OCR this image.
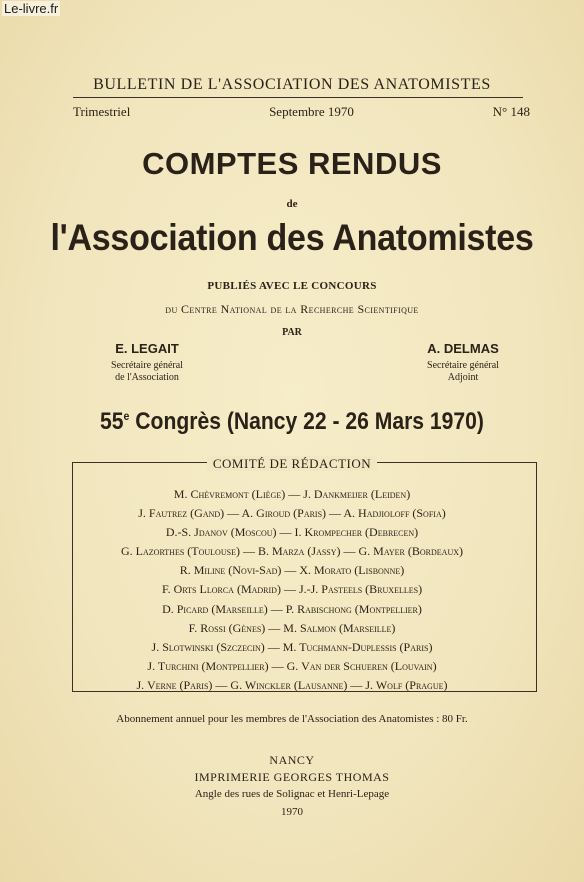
Le-livre.fr
BULLETIN DE L'ASSOCIATION DES ANATOMISTES
Trimestriel	Septembre 1970	N° 148
COMPTES RENDUS
de
l'Association des Anatomistes
PUBLIÉS AVEC LE CONCOURS
du Centre National de la Recherche Scientifique
PAR
E. LEGAIT
Secrétaire général
de l'Association
A. DELMAS
Secrétaire général
Adjoint
55e Congrès (Nancy 22 - 26 Mars 1970)
COMITÉ DE RÉDACTION
M. Chèvremont (Liège) — J. Dankmeijer (Leiden)
J. Fautrez (Gand) — A. Giroud (Paris) — A. Hadjioloff (Sofia)
D.-S. Jdanov (Moscou) — I. Krompecher (Debrecen)
G. Lazorthes (Toulouse) — B. Marza (Jassy) — G. Mayer (Bordeaux)
R. Miline (Novi-Sad) — X. Morato (Lisbonne)
F. Orts Llorca (Madrid) — J.-J. Pasteels (Bruxelles)
D. Picard (Marseille) — P. Rabischong (Montpellier)
F. Rossi (Gènes) — M. Salmon (Marseille)
J. Slotwinski (Szczecin) — M. Tuchmann-Duplessis (Paris)
J. Turchini (Montpellier) — G. Van der Schueren (Louvain)
J. Verne (Paris) — G. Winckler (Lausanne) — J. Wolf (Prague)
Abonnement annuel pour les membres de l'Association des Anatomistes : 80 Fr.
NANCY
IMPRIMERIE GEORGES THOMAS
Angle des rues de Solignac et Henri-Lepage
1970
